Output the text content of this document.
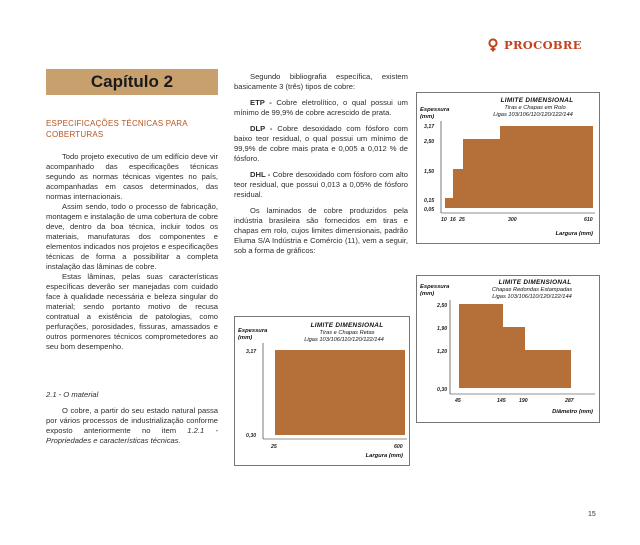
PROCOBRE
Capítulo 2
ESPECIFICAÇÕES TÉCNICAS PARA COBERTURAS

Todo projeto executivo de um edifício deve vir acompanhado das especificações técnicas segundo as normas técnicas vigentes no país, acompanhadas em casos determinados, das normas internacionais.

Assim sendo, todo o processo de fabricação, montagem e instalação de uma cobertura de cobre deve, dentro da boa técnica, incluir todos os materiais, manufaturas dos componentes e elementos indicados nos projetos e especificações técnicas de forma a possibilitar a completa instalação das lâminas de cobre.

Estas lâminas, pelas suas características específicas deverão ser manejadas com cuidado face à qualidade necessária e beleza singular do material; sendo portanto motivo de recusa contratual a existência de patologias, como perfurações, porosidades, fissuras, amassados e outros pormenores técnicos comprometedores ao seu bom desempenho.

2.1 - O material

O cobre, a partir do seu estado natural passa por vários processos de industrialização conforme exposto anteriormente no item 1.2.1 - Propriedades e características técnicas.

Segundo bibliografia específica, existem basicamente 3 (três) tipos de cobre:

ETP - Cobre eletrolítico, o qual possui um mínimo de 99,9% de cobre acrescido de prata.

DLP - Cobre desoxidado com fósforo com baixo teor residual, o qual possui um mínimo de 99,9% de cobre mais prata e 0,005 a 0,012 % de fósforo.

DHL - Cobre desoxidado com fósforo com alto teor residual, que possui 0,013 a 0,05% de fósforo residual.

Os laminados de cobre produzidos pela indústria brasileira são fornecidos em tiras e chapas em rolo, cujos limites dimensionais, padrão Eluma S/A Indústria e Comércio (11), vem a seguir, sob a forma de gráficos:

LIMITE DIMENSIONAL
Tiras e Chapas em Rolo
Ligas 103/106/110/120/122/144
Espessura (mm)
Largura (mm)
3,17
2,50
1,50
0,15
0,05
10 16 25	300	610
LIMITE DIMENSIONAL
Chapas Redondas Estampadas
Ligas 103/106/110/120/122/144
Espessura (mm)
Diâmetro (mm)
2,50
1,90
1,20
0,30
45	145	190	287
LIMITE DIMENSIONAL
Tiras e Chapas Retas
Ligas 103/106/110/120/122/144
Espessura (mm)
Largura (mm)
3,17
0,30
25	600
15
